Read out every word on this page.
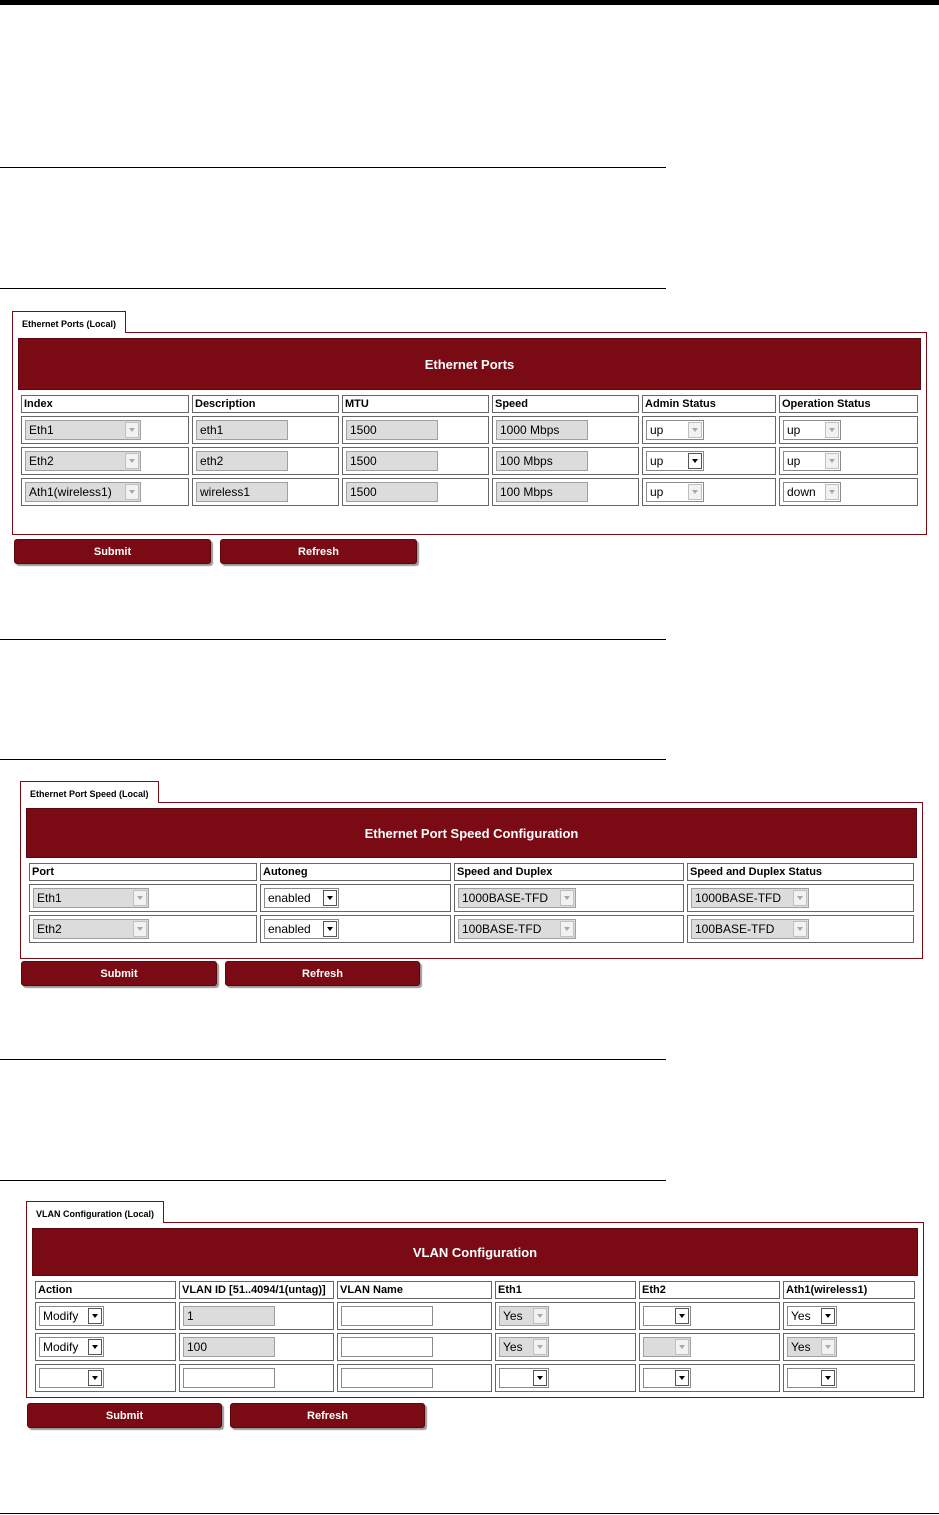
Ethernet Ports (Local)
Ethernet Ports
Index	Description	MTU	Speed	Admin Status	Operation Status
Eth1	eth1	1500	1000 Mbps	up	up

Eth2	eth2	1500	100 Mbps	up	up

Ath1(wireless1)	wireless1	1500	100 Mbps	up	down
Submit	Refresh
Ethernet Port Speed (Local)
Ethernet Port Speed Configuration
Port	Autoneg	Speed and Duplex	Speed and Duplex Status
Eth1	enabled	1000BASE-TFD	1000BASE-TFD

Eth2	enabled	100BASE-TFD	100BASE-TFD
Submit	Refresh
VLAN Configuration (Local)
VLAN Configuration
Action	VLAN ID [51..4094/1(untag)]	VLAN Name	Eth1	Eth2	Ath1(wireless1)
Modify	1		Yes		Yes

Modify	100		Yes		Yes

Submit	Refresh
